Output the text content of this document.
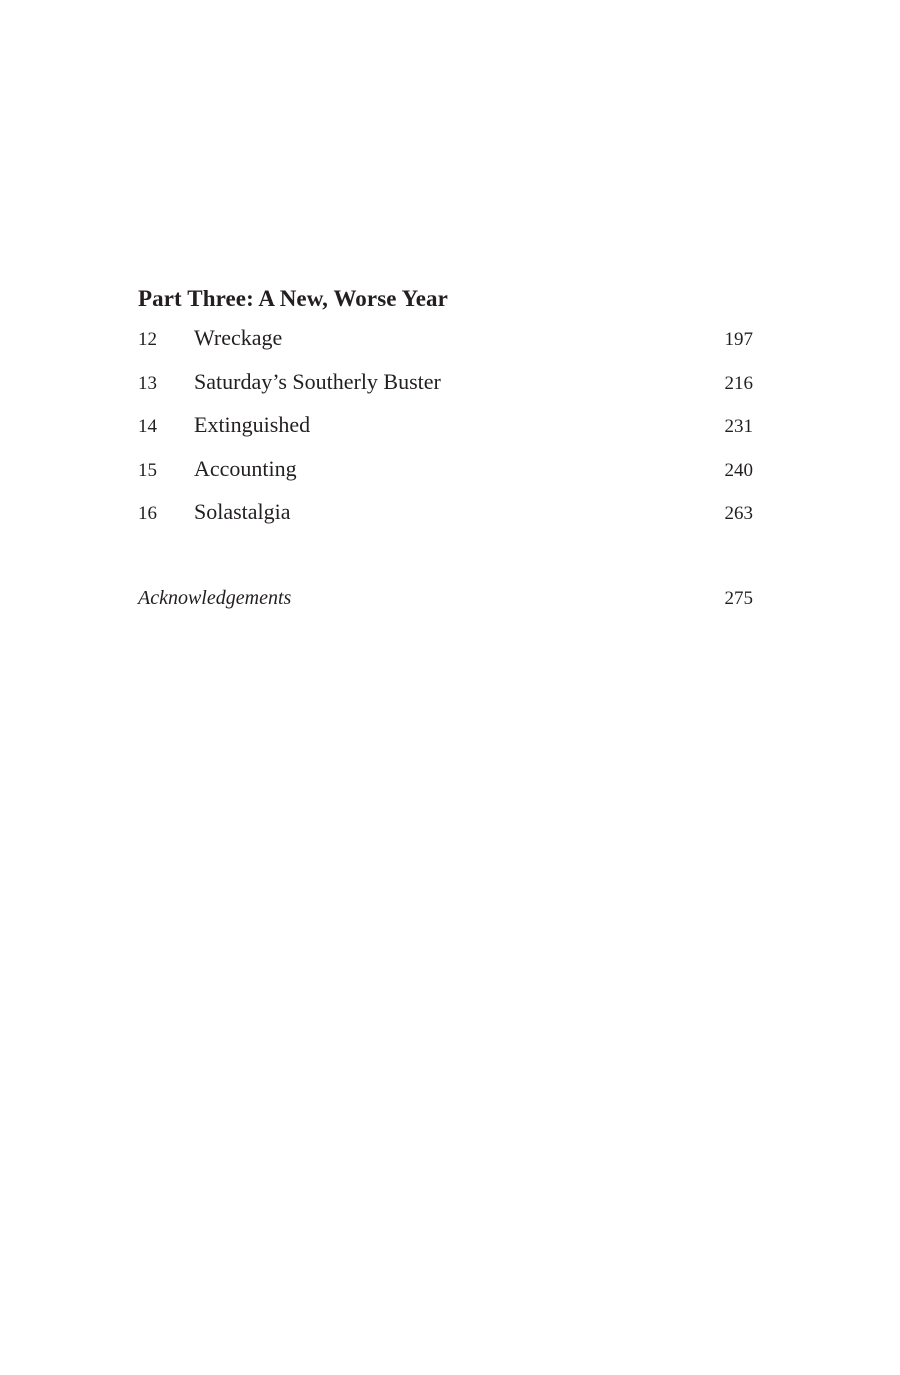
Part Three: A New, Worse Year
12	Wreckage	197
13	Saturday’s Southerly Buster	216
14	Extinguished	231
15	Accounting	240
16	Solastalgia	263
Acknowledgements	275
